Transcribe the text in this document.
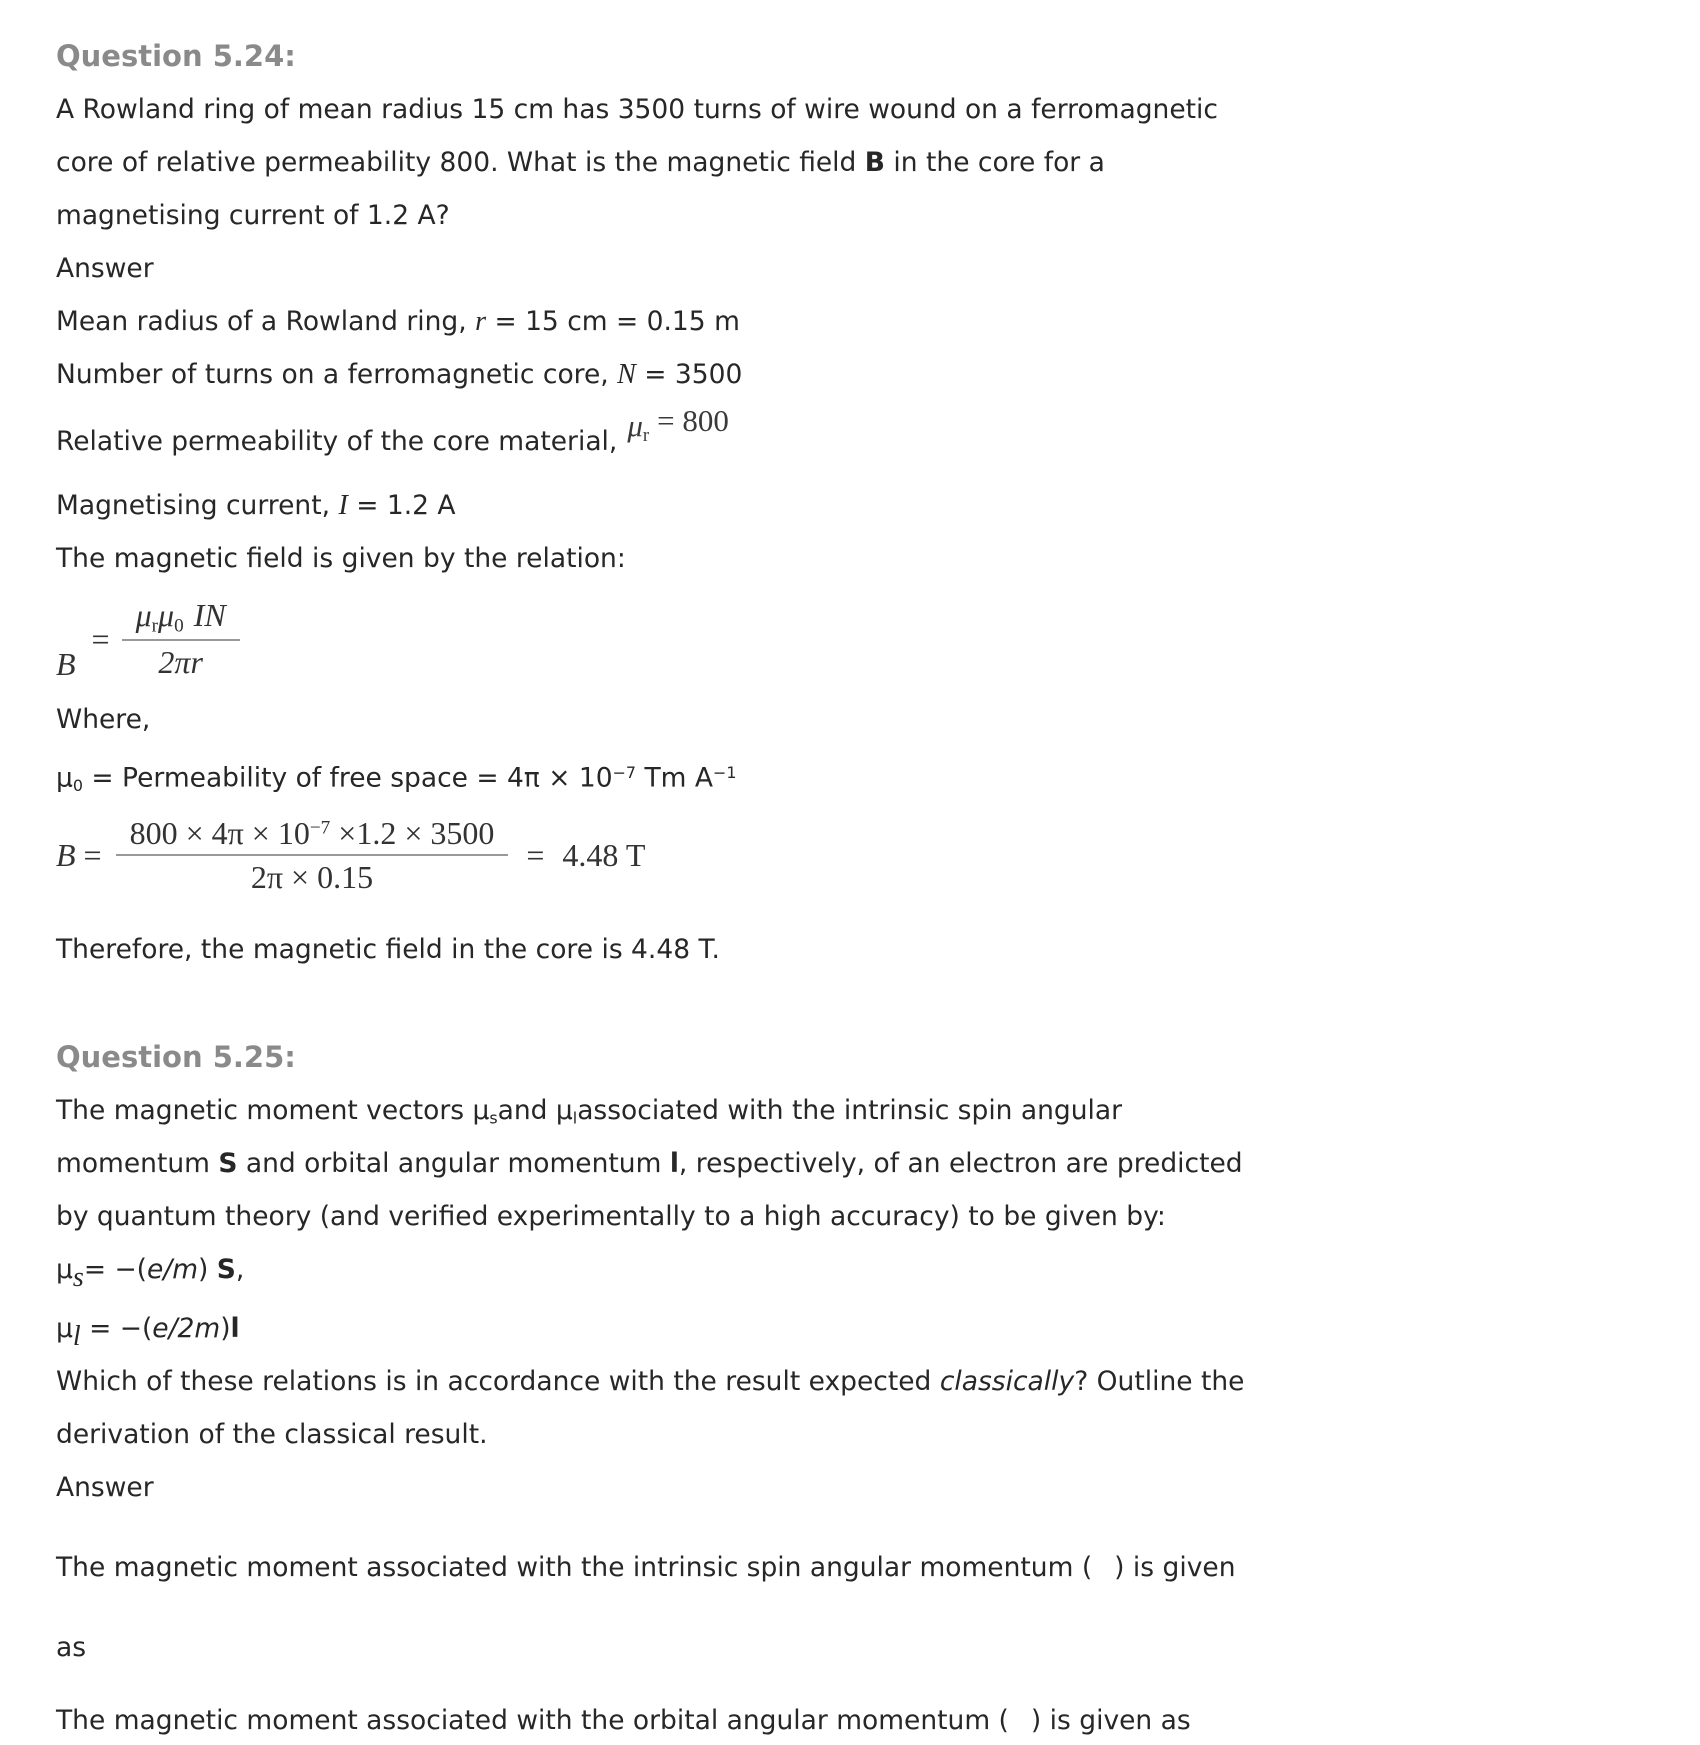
Question 5.24:
A Rowland ring of mean radius 15 cm has 3500 turns of wire wound on a ferromagnetic
core of relative permeability 800. What is the magnetic field B in the core for a
magnetising current of 1.2 A?
Answer
Mean radius of a Rowland ring, r = 15 cm = 0.15 m
Number of turns on a ferromagnetic core, N = 3500
Relative permeability of the core material, $\mu_r = 800$
Magnetising current, I = 1.2 A
The magnetic field is given by the relation:
B
= $\frac{\mu_r\mu_0 IN}{2\pi r}$
Where,
$\mu_0$ = Permeability of free space = $4\pi \times 10^{-7}$ Tm $A^{-1}$
$B = \frac{800 \times 4\pi \times 10^{-7} \times 1.2 \times 3500}{2\pi \times 0.15} = 4.48$ T
Therefore, the magnetic field in the core is 4.48 T.
Question 5.25:
The magnetic moment vectors $\mu_sand$ $\mu_lassociated$ with the intrinsic spin angular
momentum S and orbital angular momentum l, respectively, of an electron are predicted
by quantum theory (and verified experimentally to a high accuracy) to be given by:
$\mu_s= -(e/m)$ S,
$\mu_l = -(e/2m)l$
Which of these relations is in accordance with the result expected classically? Outline the
derivation of the classical result.
Answer
The magnetic moment associated with the intrinsic spin angular momentum ( ) is given
as
The magnetic moment associated with the orbital angular momentum ( ) is given as
